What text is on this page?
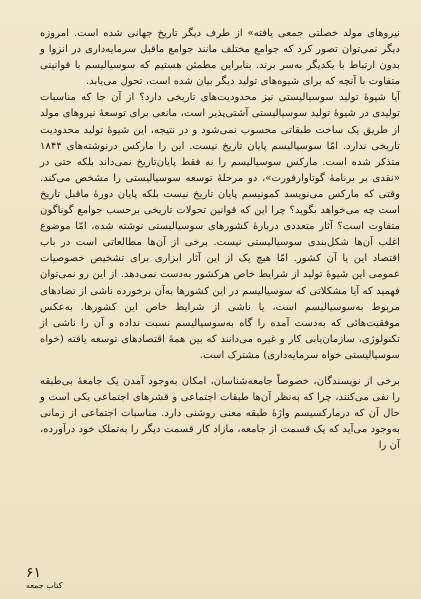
نیروهای مولد خصلتی جمعی یافته» از طرف دیگر تاریخ جهانی شده است. امروزه دیگر نمی‌توان تصور کرد که جوامع مختلف مانند جوامع ماقبل سرمایه‌داری در انزوا و بدون ارتباط با یکدیگر به‌سر برند. بنابراین مطمئن هستیم که سوسیالیسم با قوانینی متفاوت با آنچه که برای شیوه‌های تولید دیگر بیان شده است، تحول می‌یابد.

آیا شیوهٔ تولید سوسیالیستی نیز محدودیت‌های تاریخی دارد؟ از آن جا که مناسبات تولیدی در شیوهٔ تولید سوسیالیستی آشتی‌پذیر است، مانعی برای توسعهٔ نیروهای مولد از طریق یک ساخت طبقاتی محسوب نمی‌شود و در نتیجه، این شیوهٔ تولید محدودیت تاریخی ندارد. امّا سوسیالیسم پایان تاریخ نیست. این را مارکس درنوشته‌های ۱۸۴۴ متذکر شده است. مارکس سوسیالیسم را نه فقط پایان‌تاریخ نمی‌داند بلکه حتی در «نقدی بر برنامهٔ گوتاوارفورت»، دو مرحلهٔ توسعه سوسیالیستی را مشخص می‌کند. وقتی که مارکس می‌نویسد کمونیسم پایان تاریخ نیست بلکه پایان دورهٔ ماقبل تاریخ است چه می‌خواهد بگوید؟ چرا این که قوانین تحولات تاریخی برحسب جوامع گوناگون متفاوت است؟ آثار متعددی دربارهٔ کشورهای سوسیالیستی نوشته شده، امّا موضوع اغلب آن‌ها شکل‌بندی سوسیالیستی نیست. برخی از آن‌ها مطالعاتی است در باب اقتصاد این یا آن کشور. امّا هیچ یک از این آثار ابزاری برای تشخیص خصوصیات عمومی این شیوهٔ تولید از شرایط خاص هرکشور به‌دست نمی‌دهد. از این رو نمی‌توان فهمید که آیا مشکلاتی که سوسیالیسم در این کشورها به‌آن برخورده ناشی از تضادهای مربوط به‌سوسیالیسم است، یا ناشی از شرایط خاص این کشورها. به‌عکس موفقیت‌هائی که به‌دست آمده را گاه به‌سوسیالیسم نسبت نداده و آن را ناشی از تکنولوژی، سازمان‌یابی کار و غیره می‌دانند که بین همهٔ اقتصادهای توسعه یافته (خواه سوسیالیستی خواه سرمایه‌داری) مشترک است.

برخی از نویسندگان، خصوصاً جامعه‌شناسان، امکان به‌وجود آمدن یک جامعهٔ بی‌طبقه را نفی می‌کنند، چرا که به‌نظر آن‌ها طبقات اجتماعی و قشرهای اجتماعی یکی است و حال آن که درمارکسیسم واژهٔ طبقه معنی روشنی دارد. مناسبات اجتماعی از زمانی به‌وجود می‌آید که یک قسمت از جامعه، مازاد کار قسمت دیگر را به‌تملک خود درآورده، آن را

۶۱
کتاب جمعه
